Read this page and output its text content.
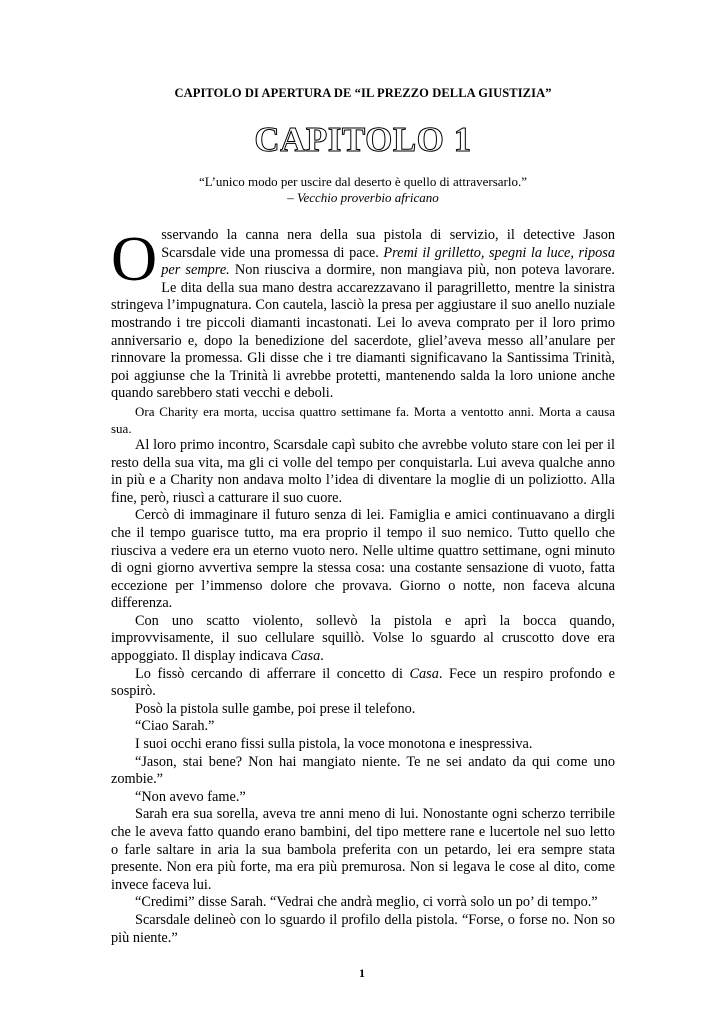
CAPITOLO DI APERTURA DE “IL PREZZO DELLA GIUSTIZIA”

CAPITOLO 1
“L’unico modo per uscire dal deserto è quello di attraversarlo.”
– Vecchio proverbio africano

Osservando la canna nera della sua pistola di servizio, il detective Jason Scarsdale vide una promessa di pace. Premi il grilletto, spegni la luce, riposa per sempre. Non riusciva a dormire, non mangiava più, non poteva lavorare. Le dita della sua mano destra accarezzavano il paragrilletto, mentre la sinistra stringeva l’impugnatura. Con cautela, lasciò la presa per aggiustare il suo anello nuziale mostrando i tre piccoli diamanti incastonati. Lei lo aveva comprato per il loro primo anniversario e, dopo la benedizione del sacerdote, gliel’aveva messo all’anulare per rinnovare la promessa. Gli disse che i tre diamanti significavano la Santissima Trinità, poi aggiunse che la Trinità li avrebbe protetti, mantenendo salda la loro unione anche quando sarebbero stati vecchi e deboli.

Ora Charity era morta, uccisa quattro settimane fa. Morta a ventotto anni. Morta a causa sua.

Al loro primo incontro, Scarsdale capì subito che avrebbe voluto stare con lei per il resto della sua vita, ma gli ci volle del tempo per conquistarla. Lui aveva qualche anno in più e a Charity non andava molto l’idea di diventare la moglie di un poliziotto. Alla fine, però, riuscì a catturare il suo cuore.

Cercò di immaginare il futuro senza di lei. Famiglia e amici continuavano a dirgli che il tempo guarisce tutto, ma era proprio il tempo il suo nemico. Tutto quello che riusciva a vedere era un eterno vuoto nero. Nelle ultime quattro settimane, ogni minuto di ogni giorno avvertiva sempre la stessa cosa: una costante sensazione di vuoto, fatta eccezione per l’immenso dolore che provava. Giorno o notte, non faceva alcuna differenza.

Con uno scatto violento, sollevò la pistola e aprì la bocca quando, improvvisamente, il suo cellulare squillò. Volse lo sguardo al cruscotto dove era appoggiato. Il display indicava Casa.

Lo fissò cercando di afferrare il concetto di Casa. Fece un respiro profondo e sospirò.

Posò la pistola sulle gambe, poi prese il telefono.

“Ciao Sarah.”

I suoi occhi erano fissi sulla pistola, la voce monotona e inespressiva.

“Jason, stai bene? Non hai mangiato niente. Te ne sei andato da qui come uno zombie.”

“Non avevo fame.”

Sarah era sua sorella, aveva tre anni meno di lui. Nonostante ogni scherzo terribile che le aveva fatto quando erano bambini, del tipo mettere rane e lucertole nel suo letto o farle saltare in aria la sua bambola preferita con un petardo, lei era sempre stata presente. Non era più forte, ma era più premurosa. Non si legava le cose al dito, come invece faceva lui.

“Credimi” disse Sarah. “Vedrai che andrà meglio, ci vorrà solo un po’ di tempo.”

Scarsdale delineò con lo sguardo il profilo della pistola. “Forse, o forse no. Non so più niente.”

1
